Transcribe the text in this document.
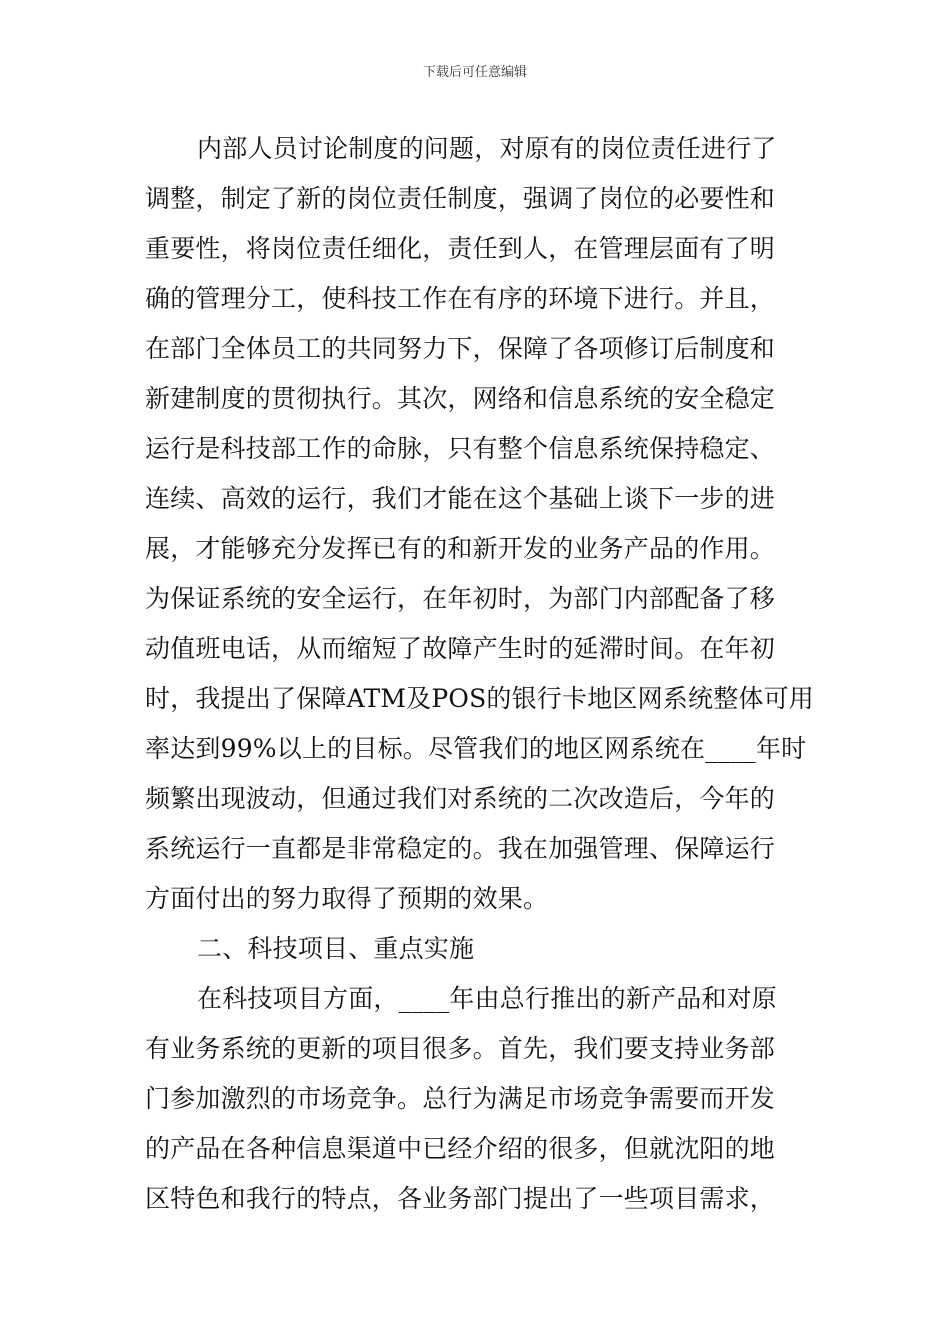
下载后可任意编辑
内部人员讨论制度的问题，对原有的岗位责任进行了
调整，制定了新的岗位责任制度，强调了岗位的必要性和
重要性，将岗位责任细化，责任到人，在管理层面有了明
确的管理分工，使科技工作在有序的环境下进行。并且，
在部门全体员工的共同努力下，保障了各项修订后制度和
新建制度的贯彻执行。其次，网络和信息系统的安全稳定
运行是科技部工作的命脉，只有整个信息系统保持稳定、
连续、高效的运行，我们才能在这个基础上谈下一步的进
展，才能够充分发挥已有的和新开发的业务产品的作用。
为保证系统的安全运行，在年初时，为部门内部配备了移
动值班电话，从而缩短了故障产生时的延滞时间。在年初
时，我提出了保障ATM及POS的银行卡地区网系统整体可用
率达到99%以上的目标。尽管我们的地区网系统在____年时
频繁出现波动，但通过我们对系统的二次改造后，今年的
系统运行一直都是非常稳定的。我在加强管理、保障运行
方面付出的努力取得了预期的效果。
二、科技项目、重点实施
在科技项目方面，____年由总行推出的新产品和对原
有业务系统的更新的项目很多。首先，我们要支持业务部
门参加激烈的市场竞争。总行为满足市场竞争需要而开发
的产品在各种信息渠道中已经介绍的很多，但就沈阳的地
区特色和我行的特点，各业务部门提出了一些项目需求，
